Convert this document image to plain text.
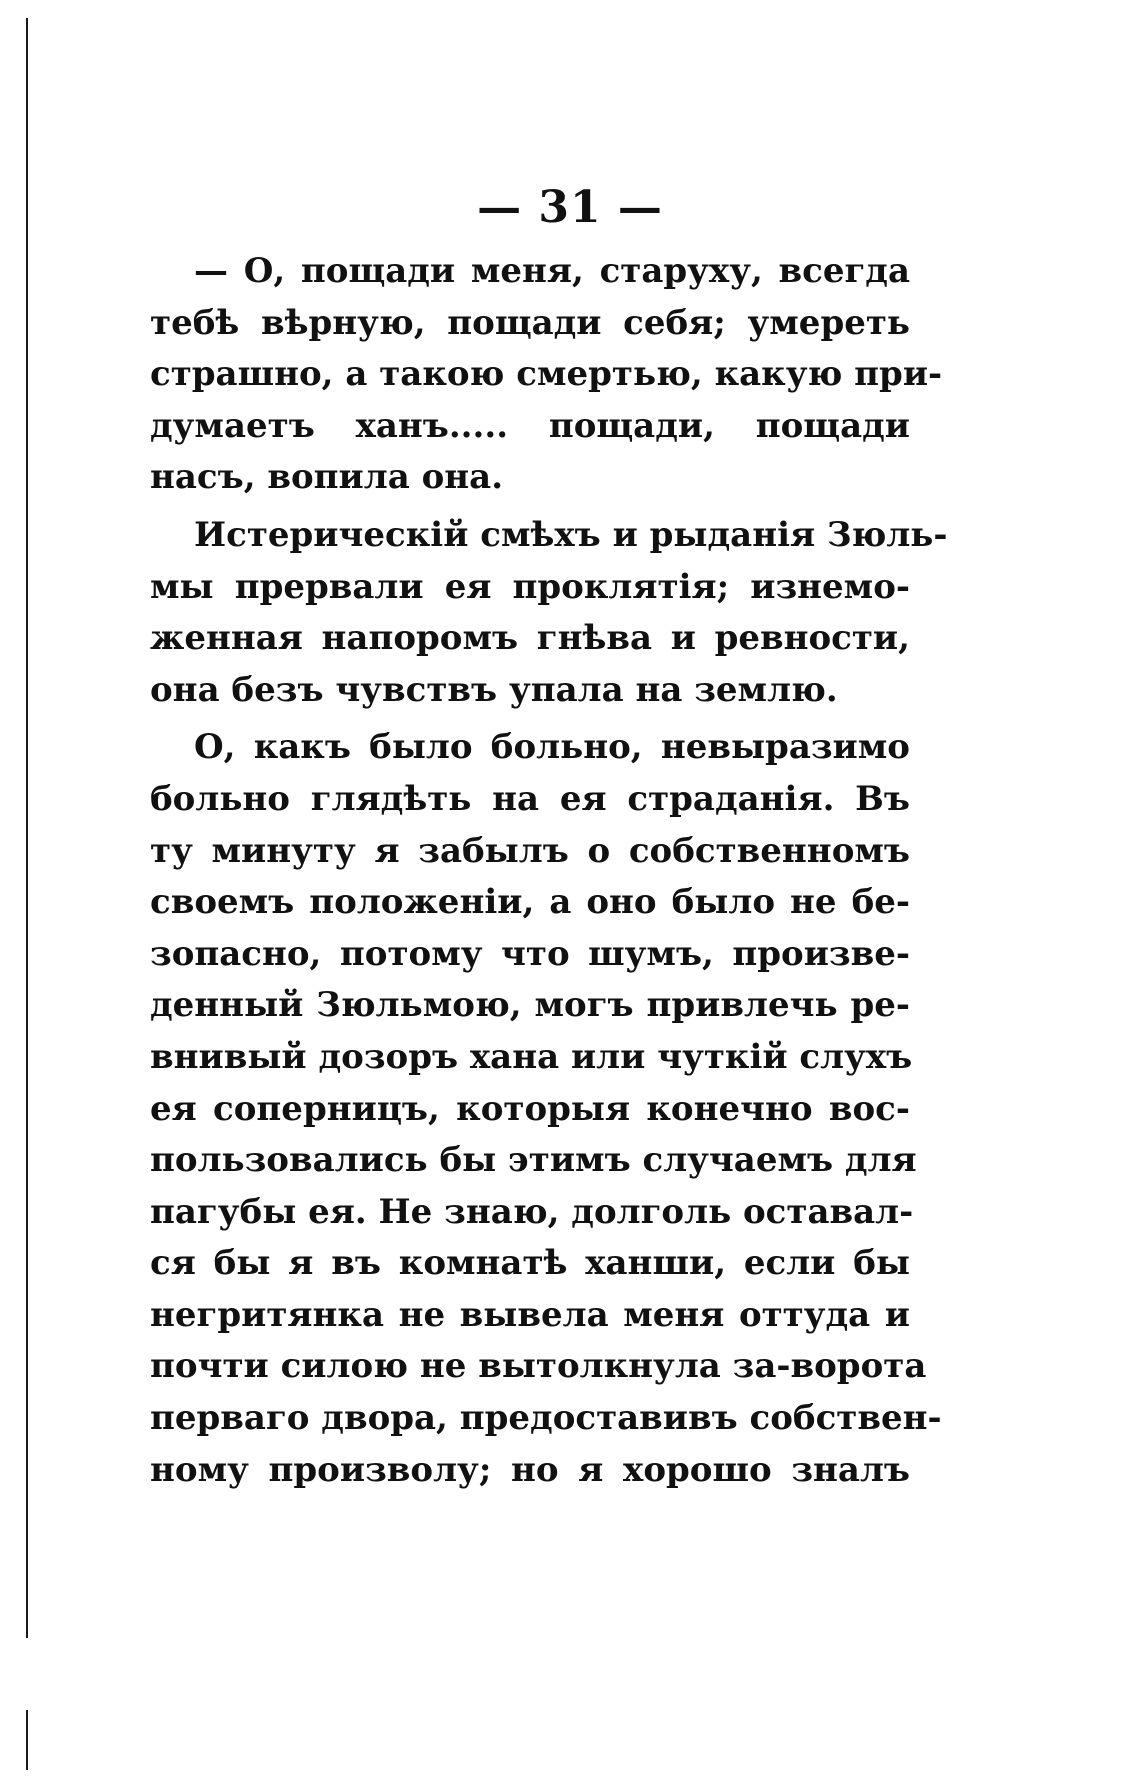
— 31 —

— О, пощади меня, старуху, всегда
тебѣ вѣрную, пощади себя; умереть
страшно, а такою смертью, какую при-
думаетъ ханъ..... пощади, пощади
насъ, вопила она.

Истерическій смѣхъ и рыданія Зюль-
мы прервали ея проклятія; изнемо-
женная напоромъ гнѣва и ревности,
она безъ чувствъ упала на землю.

О, какъ было больно, невыразимо
больно глядѣть на ея страданія. Въ
ту минуту я забылъ о собственномъ
своемъ положеніи, а оно было не бе-
зопасно, потому что шумъ, произве-
денный Зюльмою, могъ привлечь ре-
внивый дозоръ хана или чуткій слухъ
ея соперницъ, которыя конечно вос-
пользовались бы этимъ случаемъ для
пагубы ея. Не знаю, долголь оставал-
ся бы я въ комнатѣ ханши, если бы
негритянка не вывела меня оттуда и
почти силою не вытолкнула за-ворота
перваго двора, предоставивъ собствен-
ному произволу; но я хорошо зналъ
